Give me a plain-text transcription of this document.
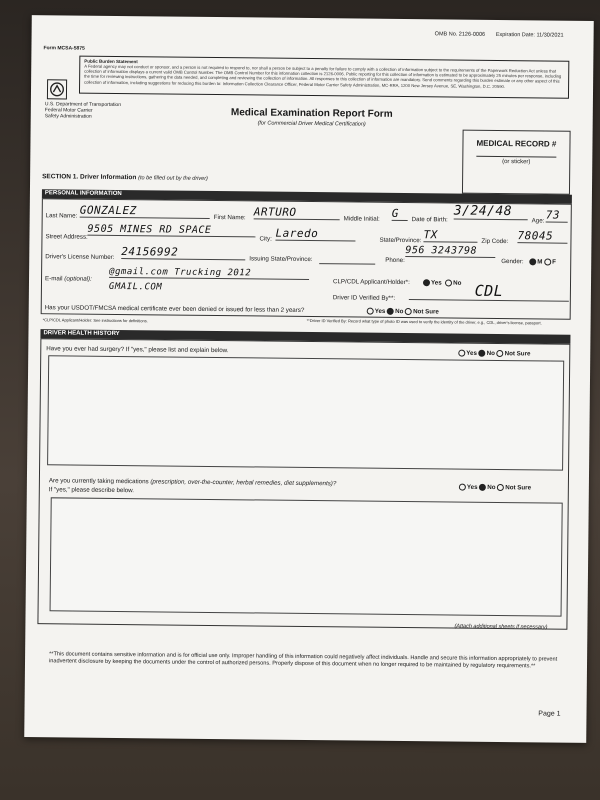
OMB No. 2126-0006 Expiration Date: 11/30/2021
Form MCSA-5875
Public Burden Statement
A Federal agency may not conduct or sponsor, and a person is not required to respond to, nor shall a person be subject to a penalty for failure to comply with a collection of information subject to the requirements of the Paperwork Reduction Act unless that collection of information displays a current valid OMB Control Number. The OMB Control Number for this information collection is 2126-0006. Public reporting for this collection of information is estimated to be approximately 25 minutes per response, including the time for reviewing instructions, gathering the data needed, and completing and reviewing the collection of information. All responses to this collection of information are mandatory. Send comments regarding this burden estimate or any other aspect of this collection of information, including suggestions for reducing this burden to: Information Collection Clearance Officer, Federal Motor Carrier Safety Administration, MC-RRA, 1200 New Jersey Avenue, SE, Washington, D.C. 20590.
U.S. Department of Transportation
Federal Motor Carrier
Safety Administration	Medical Examination Report Form
(for Commercial Driver Medical Certification)
MEDICAL RECORD #
(or sticker)
SECTION 1. Driver Information (to be filled out by the driver)
PERSONAL INFORMATION
Last Name: GONZALEZ
First Name: ARTURO
Middle Initial: G	Date of Birth:
3/24/48
Age: 73
Street Address:
9505 MINES RD SPACE
City: Laredo
State/Province: TX
Zip Code: 78045
Driver's License Number: 24156992
Issuing State/Province:	Phone:
956 3243798
Gender:	M F
E-mail (optional):
@gmail.com Trucking 2012
GMAIL.COM	CLP/CDL Applicant/Holder*:	Yes No
Driver ID Verified By**:	CDL
Has your USDOT/FMCSA medical certificate ever been denied or issued for less than 2 years?	Yes No Not Sure
*CLP/CDL Applicant/Holder: See instructions for definitions.	**Driver ID Verified By: Record what type of photo ID was used to verify the identity of the driver, e.g., CDL, driver's license, passport.
DRIVER HEALTH HISTORY
Have you ever had surgery? If "yes," please list and explain below.	Yes No Not Sure
Are you currently taking medications (prescription, over-the-counter, herbal remedies, diet supplements)?
If "yes," please describe below.	Yes No Not Sure
(Attach additional sheets if necessary)
**This document contains sensitive information and is for official use only. Improper handling of this information could negatively affect individuals. Handle and secure this information appropriately to prevent inadvertent disclosure by keeping the documents under the control of authorized persons. Properly dispose of this document when no longer required to be maintained by regulatory requirements.**
Page 1
